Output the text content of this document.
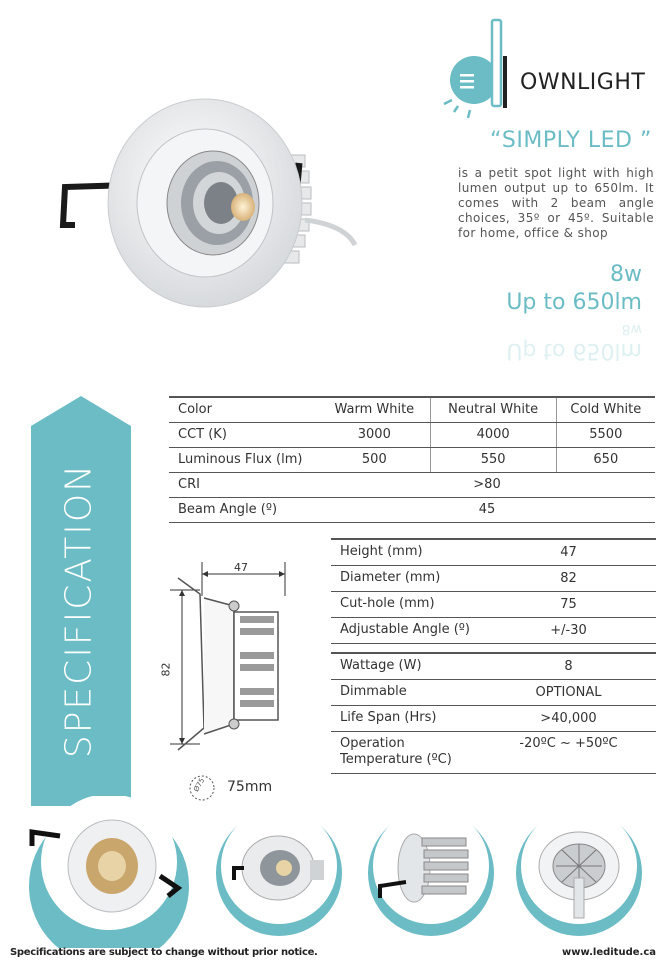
OWNLIGHT
“SIMPLY LED ”
is a petit spot light with high lumen output up to 650lm. It comes with 2 beam angle choices, 35º or 45º. Suitable for home, office & shop
8w
Up to 650lm
Up to 650lm
8w
SPECIFICATION
Color	Warm White	Neutral White	Cold White
CCT (K)	3000	4000	5500
Luminous Flux (lm)	500	550	650
CRI	>80		
Beam Angle (º)	45		
Height (mm)	47
Diameter (mm)	82
Cut-hole (mm)	75
Adjustable Angle (º)	+/-30
Wattage (W)	8
Dimmable	OPTIONAL
Life Span (Hrs)	>40,000
Operation Temperature (ºC)	-20ºC ~ +50ºC
47
82
Ø75 75mm
Specifications are subject to change without prior notice.	www.leditude.ca
